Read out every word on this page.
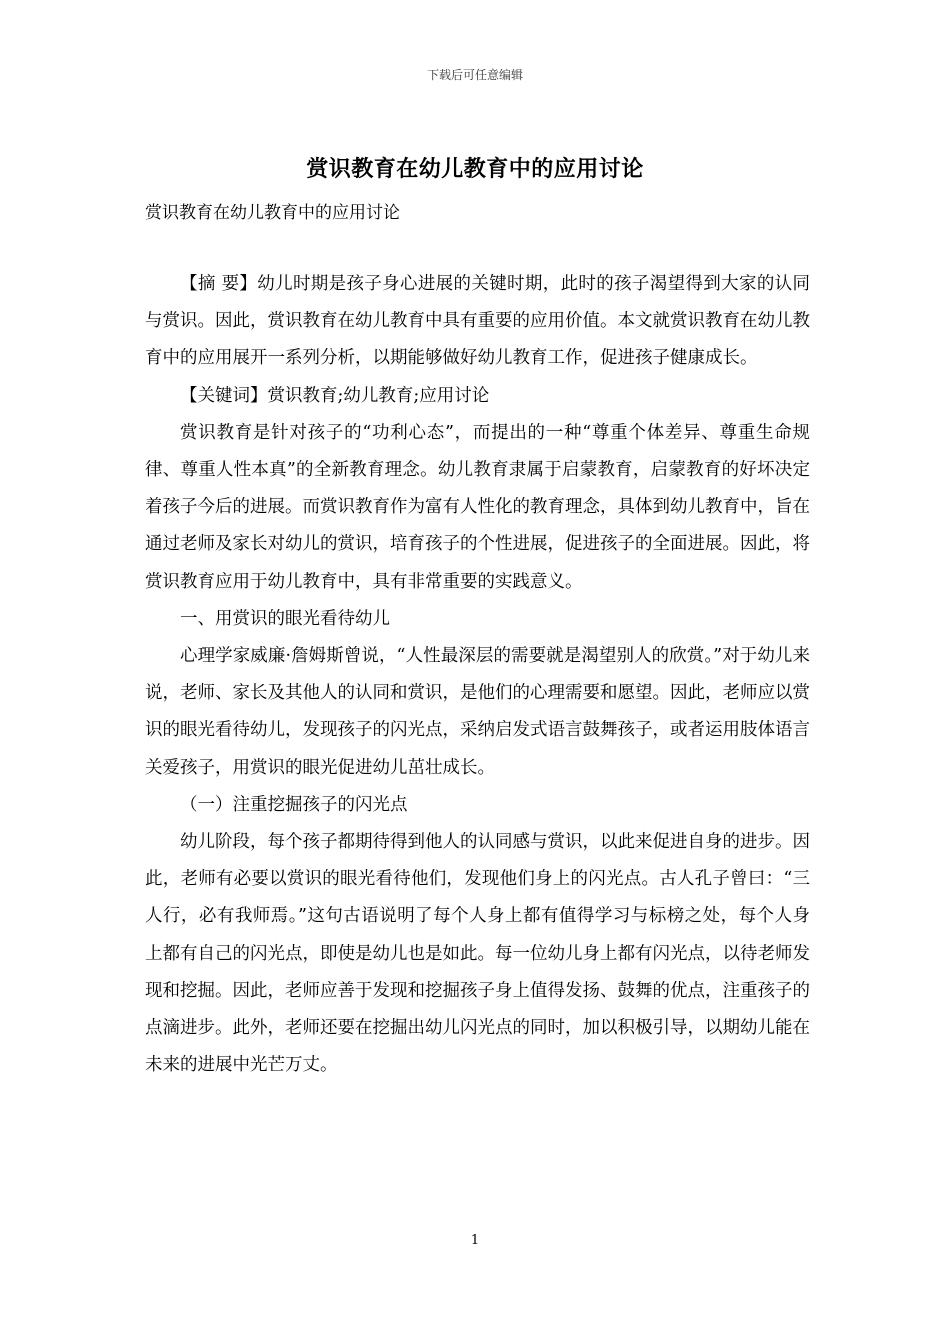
下载后可任意编辑
赏识教育在幼儿教育中的应用讨论
赏识教育在幼儿教育中的应用讨论

【摘 要】幼儿时期是孩子身心进展的关键时期，此时的孩子渴望得到大家的认同与赏识。因此，赏识教育在幼儿教育中具有重要的应用价值。本文就赏识教育在幼儿教育中的应用展开一系列分析，以期能够做好幼儿教育工作，促进孩子健康成长。

【关键词】赏识教育;幼儿教育;应用讨论

赏识教育是针对孩子的“功利心态”，而提出的一种“尊重个体差异、尊重生命规律、尊重人性本真”的全新教育理念。幼儿教育隶属于启蒙教育，启蒙教育的好坏决定着孩子今后的进展。而赏识教育作为富有人性化的教育理念，具体到幼儿教育中，旨在通过老师及家长对幼儿的赏识，培育孩子的个性进展，促进孩子的全面进展。因此，将赏识教育应用于幼儿教育中，具有非常重要的实践意义。

一、用赏识的眼光看待幼儿

心理学家威廉·詹姆斯曾说，“人性最深层的需要就是渴望别人的欣赏。”对于幼儿来说，老师、家长及其他人的认同和赏识，是他们的心理需要和愿望。因此，老师应以赏识的眼光看待幼儿，发现孩子的闪光点，采纳启发式语言鼓舞孩子，或者运用肢体语言关爱孩子，用赏识的眼光促进幼儿茁壮成长。

（一）注重挖掘孩子的闪光点

幼儿阶段，每个孩子都期待得到他人的认同感与赏识，以此来促进自身的进步。因此，老师有必要以赏识的眼光看待他们，发现他们身上的闪光点。古人孔子曾曰：“三人行，必有我师焉。”这句古语说明了每个人身上都有值得学习与标榜之处，每个人身上都有自己的闪光点，即使是幼儿也是如此。每一位幼儿身上都有闪光点，以待老师发现和挖掘。因此，老师应善于发现和挖掘孩子身上值得发扬、鼓舞的优点，注重孩子的点滴进步。此外，老师还要在挖掘出幼儿闪光点的同时，加以积极引导，以期幼儿能在未来的进展中光芒万丈。

1
